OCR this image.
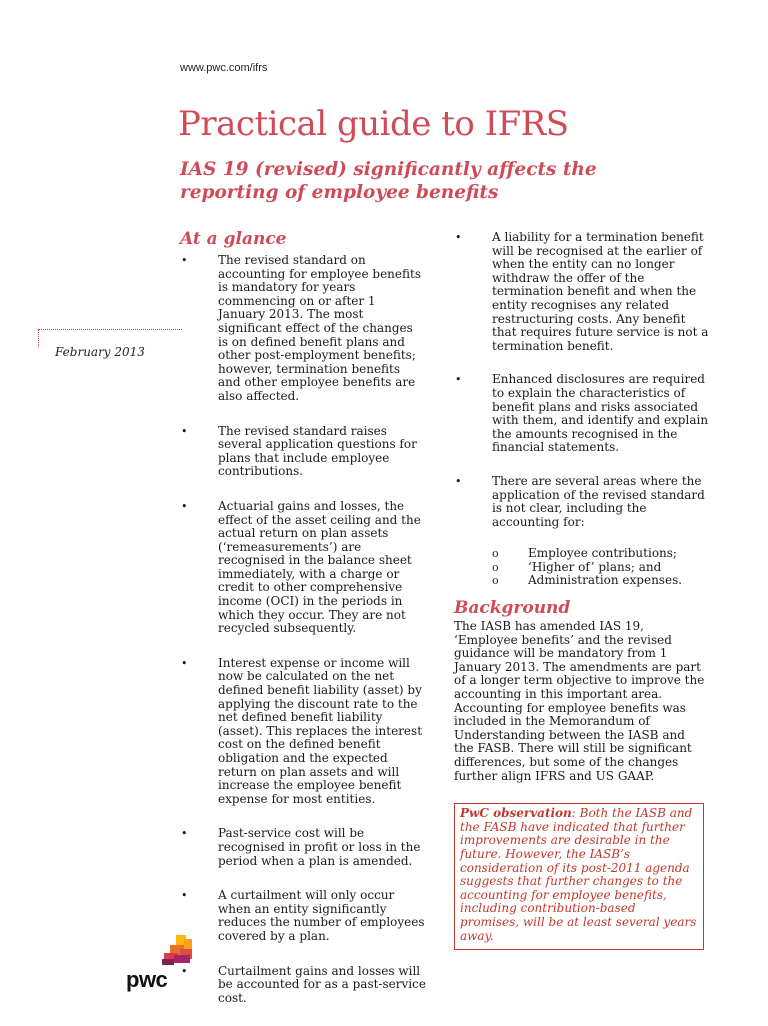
www.pwc.com/ifrs
Practical guide to IFRS
IAS 19 (revised) significantly affects the reporting of employee benefits
February 2013
At a glance
• The revised standard on accounting for employee benefits is mandatory for years commencing on or after 1 January 2013. The most significant effect of the changes is on defined benefit plans and other post-employment benefits; however, termination benefits and other employee benefits are also affected.
• The revised standard raises several application questions for plans that include employee contributions.
• Actuarial gains and losses, the effect of the asset ceiling and the actual return on plan assets (‘remeasurements’) are recognised in the balance sheet immediately, with a charge or credit to other comprehensive income (OCI) in the periods in which they occur. They are not recycled subsequently.
• Interest expense or income will now be calculated on the net defined benefit liability (asset) by applying the discount rate to the net defined benefit liability (asset). This replaces the interest cost on the defined benefit obligation and the expected return on plan assets and will increase the employee benefit expense for most entities.
• Past-service cost will be recognised in profit or loss in the period when a plan is amended.
• A curtailment will only occur when an entity significantly reduces the number of employees covered by a plan.
• Curtailment gains and losses will be accounted for as a past-service cost.
• A liability for a termination benefit will be recognised at the earlier of when the entity can no longer withdraw the offer of the termination benefit and when the entity recognises any related restructuring costs. Any benefit that requires future service is not a termination benefit.
• Enhanced disclosures are required to explain the characteristics of benefit plans and risks associated with them, and identify and explain the amounts recognised in the financial statements.
• There are several areas where the application of the revised standard is not clear, including the accounting for:
o Employee contributions;
o ‘Higher of’ plans; and
o Administration expenses.
Background

The IASB has amended IAS 19, ‘Employee benefits’ and the revised guidance will be mandatory from 1 January 2013. The amendments are part of a longer term objective to improve the accounting in this important area. Accounting for employee benefits was included in the Memorandum of Understanding between the IASB and the FASB. There will still be significant differences, but some of the changes further align IFRS and US GAAP.

PwC observation: Both the IASB and the FASB have indicated that further improvements are desirable in the future. However, the IASB’s consideration of its post-2011 agenda suggests that further changes to the accounting for employee benefits, including contribution-based promises, will be at least several years away.
pwc
